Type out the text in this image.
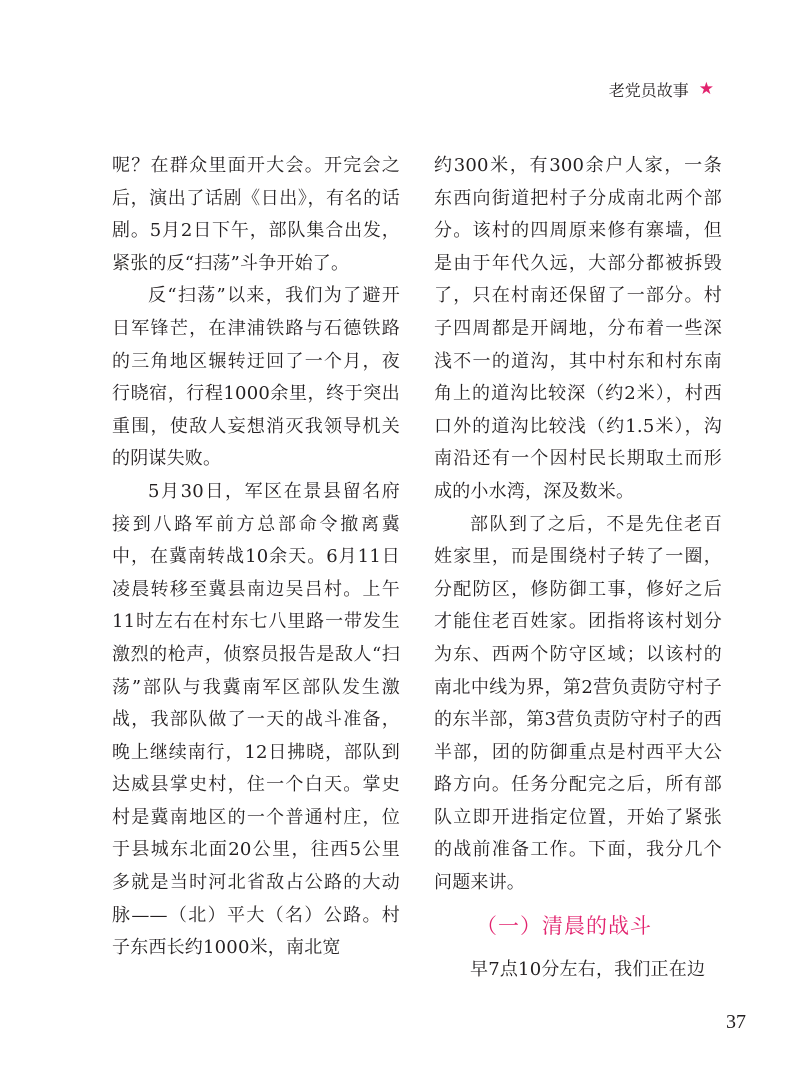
老党员故事 ★

呢？在群众里面开大会。开完会之后，演出了话剧《日出》，有名的话剧。5月2日下午，部队集合出发，紧张的反“扫荡”斗争开始了。

反“扫荡”以来，我们为了避开日军锋芒，在津浦铁路与石德铁路的三角地区辗转迂回了一个月，夜行晓宿，行程1000余里，终于突出重围，使敌人妄想消灭我领导机关的阴谋失败。

5月30日，军区在景县留名府接到八路军前方总部命令撤离冀中，在冀南转战10余天。6月11日凌晨转移至冀县南边吴吕村。上午11时左右在村东七八里路一带发生激烈的枪声，侦察员报告是敌人“扫荡”部队与我冀南军区部队发生激战，我部队做了一天的战斗准备，晚上继续南行，12日拂晓，部队到达威县掌史村，住一个白天。掌史村是冀南地区的一个普通村庄，位于县城东北面20公里，往西5公里多就是当时河北省敌占公路的大动脉——（北）平大（名）公路。村子东西长约1000米，南北宽

约300米，有300余户人家，一条东西向街道把村子分成南北两个部分。该村的四周原来修有寨墙，但是由于年代久远，大部分都被拆毁了，只在村南还保留了一部分。村子四周都是开阔地，分布着一些深浅不一的道沟，其中村东和村东南角上的道沟比较深（约2米），村西口外的道沟比较浅（约1.5米），沟南沿还有一个因村民长期取土而形成的小水湾，深及数米。

部队到了之后，不是先住老百姓家里，而是围绕村子转了一圈，分配防区，修防御工事，修好之后才能住老百姓家。团指将该村划分为东、西两个防守区域；以该村的南北中线为界，第2营负责防守村子的东半部，第3营负责防守村子的西半部，团的防御重点是村西平大公路方向。任务分配完之后，所有部队立即开进指定位置，开始了紧张的战前准备工作。下面，我分几个问题来讲。

（一）清晨的战斗

早7点10分左右，我们正在边

37
